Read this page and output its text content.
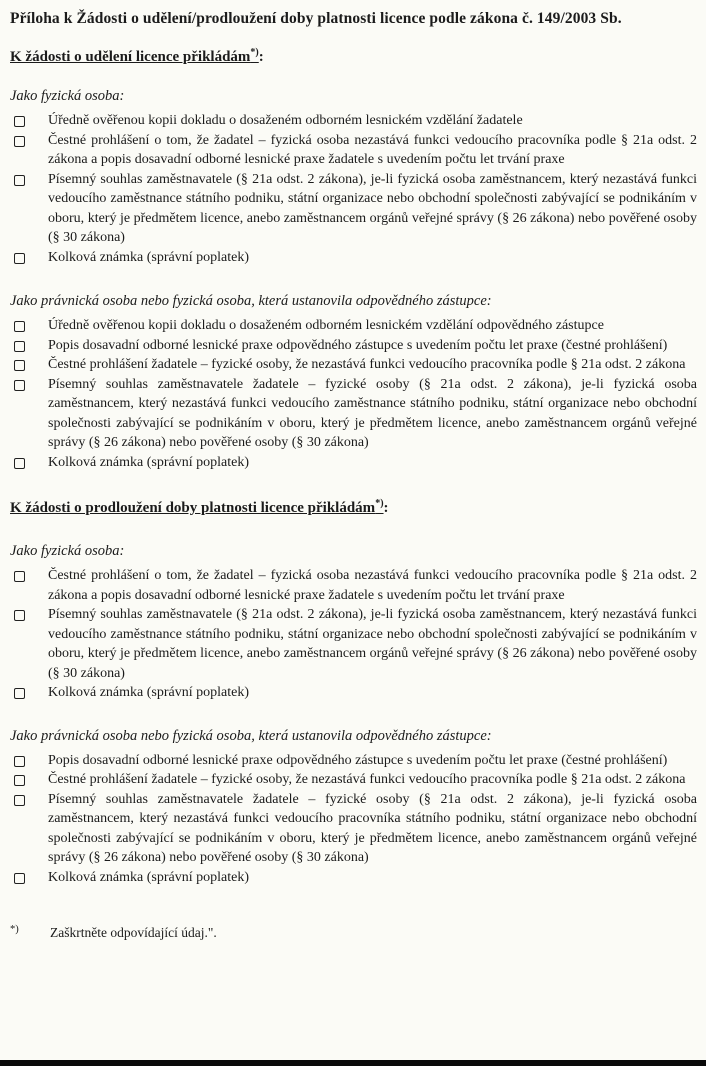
Příloha k Žádosti o udělení/prodloužení doby platnosti licence podle zákona č. 149/2003 Sb.

K žádosti o udělení licence přikládám*):

Jako fyzická osoba:

Úředně ověřenou kopii dokladu o dosaženém odborném lesnickém vzdělání žadatele
Čestné prohlášení o tom, že žadatel – fyzická osoba nezastává funkci vedoucího pracovníka podle § 21a odst. 2 zákona a popis dosavadní odborné lesnické praxe žadatele s uvedením počtu let trvání praxe
Písemný souhlas zaměstnavatele (§ 21a odst. 2 zákona), je-li fyzická osoba zaměstnancem, který nezastává funkci vedoucího zaměstnance státního podniku, státní organizace nebo obchodní společnosti zabývající se podnikáním v oboru, který je předmětem licence, anebo zaměstnancem orgánů veřejné správy (§ 26 zákona) nebo pověřené osoby (§ 30 zákona)
Kolková známka (správní poplatek)

Jako právnická osoba nebo fyzická osoba, která ustanovila odpovědného zástupce:

Úředně ověřenou kopii dokladu o dosaženém odborném lesnickém vzdělání odpovědného zástupce
Popis dosavadní odborné lesnické praxe odpovědného zástupce s uvedením počtu let praxe (čestné prohlášení)
Čestné prohlášení žadatele – fyzické osoby, že nezastává funkci vedoucího pracovníka podle § 21a odst. 2 zákona
Písemný souhlas zaměstnavatele žadatele – fyzické osoby (§ 21a odst. 2 zákona), je-li fyzická osoba zaměstnancem, který nezastává funkci vedoucího zaměstnance státního podniku, státní organizace nebo obchodní společnosti zabývající se podnikáním v oboru, který je předmětem licence, anebo zaměstnancem orgánů veřejné správy (§ 26 zákona) nebo pověřené osoby (§ 30 zákona)
Kolková známka (správní poplatek)
K žádosti o prodloužení doby platnosti licence přikládám*):

Jako fyzická osoba:

Čestné prohlášení o tom, že žadatel – fyzická osoba nezastává funkci vedoucího pracovníka podle § 21a odst. 2 zákona a popis dosavadní odborné lesnické praxe žadatele s uvedením počtu let trvání praxe
Písemný souhlas zaměstnavatele (§ 21a odst. 2 zákona), je-li fyzická osoba zaměstnancem, který nezastává funkci vedoucího zaměstnance státního podniku, státní organizace nebo obchodní společnosti zabývající se podnikáním v oboru, který je předmětem licence, anebo zaměstnancem orgánů veřejné správy (§ 26 zákona) nebo pověřené osoby (§ 30 zákona)
Kolková známka (správní poplatek)

Jako právnická osoba nebo fyzická osoba, která ustanovila odpovědného zástupce:

Popis dosavadní odborné lesnické praxe odpovědného zástupce s uvedením počtu let praxe (čestné prohlášení)
Čestné prohlášení žadatele – fyzické osoby, že nezastává funkci vedoucího pracovníka podle § 21a odst. 2 zákona
Písemný souhlas zaměstnavatele žadatele – fyzické osoby (§ 21a odst. 2 zákona), je-li fyzická osoba zaměstnancem, který nezastává funkci vedoucího pracovníka státního podniku, státní organizace nebo obchodní společnosti zabývající se podnikáním v oboru, který je předmětem licence, anebo zaměstnancem orgánů veřejné správy (§ 26 zákona) nebo pověřené osoby (§ 30 zákona)
Kolková známka (správní poplatek)
*)	Zaškrtněte odpovídající údaj.".
